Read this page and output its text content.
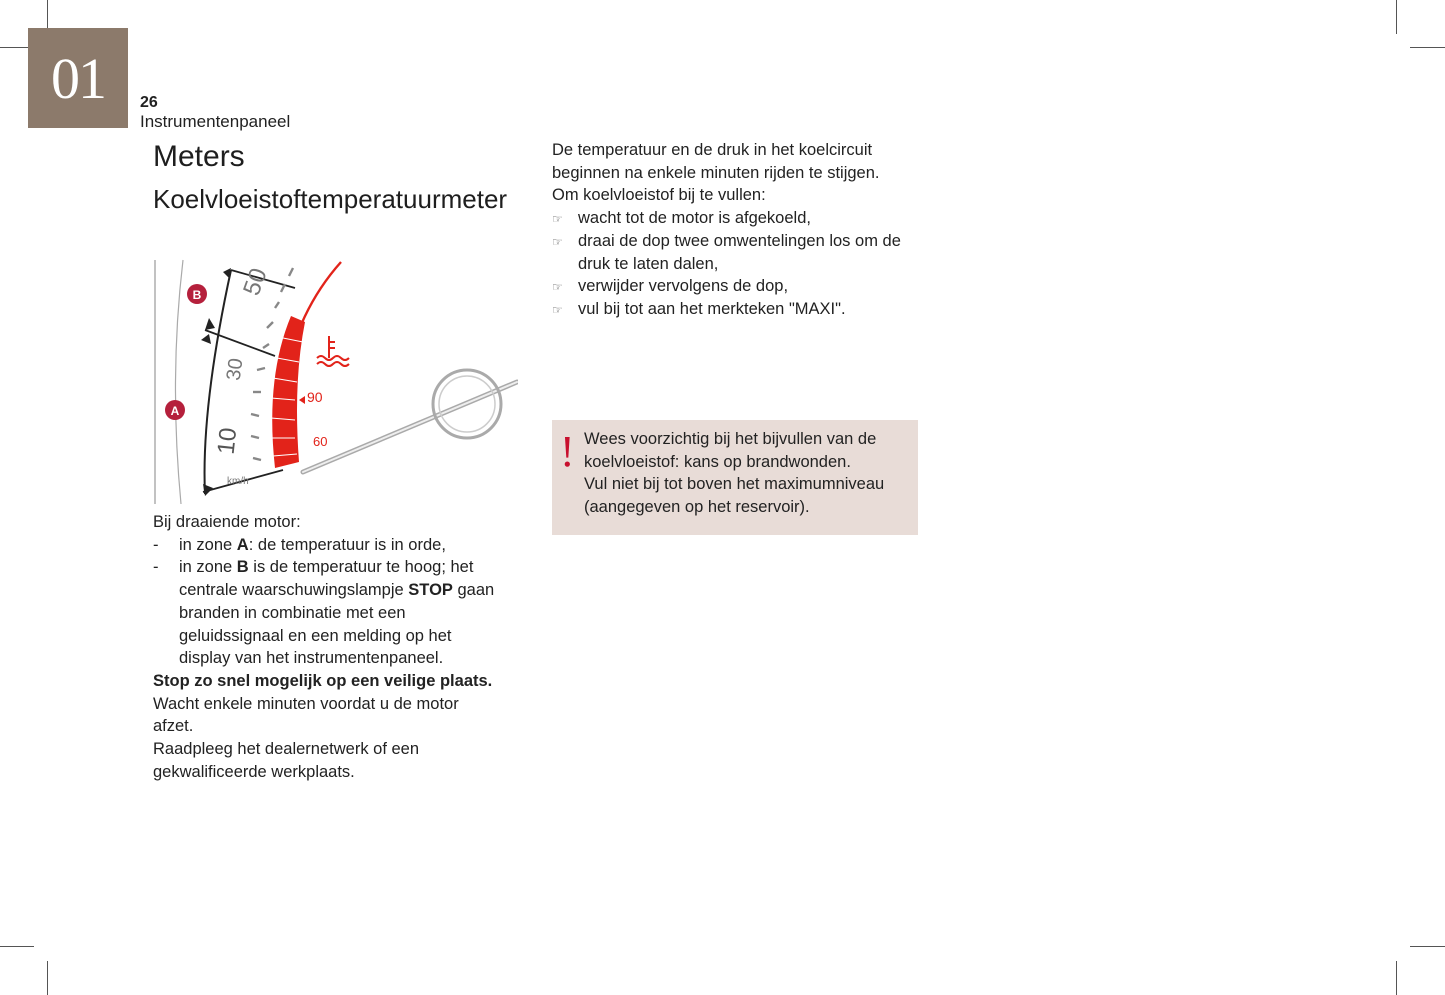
01 26
Instrumentenpaneel
Meters
Koelvloeistoftemperatuurmeter
B
A
50
30
10
km/h
90
60

Bij draaiende motor:

- in zone A: de temperatuur is in orde,
- in zone B is de temperatuur te hoog; het centrale waarschuwingslampje STOP gaan branden in combinatie met een geluidssignaal en een melding op het display van het instrumentenpaneel.

Stop zo snel mogelijk op een veilige plaats.

Wacht enkele minuten voordat u de motor afzet.

Raadpleeg het dealernetwerk of een gekwalificeerde werkplaats.

De temperatuur en de druk in het koelcircuit beginnen na enkele minuten rijden te stijgen.

Om koelvloeistof bij te vullen:

☞ wacht tot de motor is afgekoeld,
☞ draai de dop twee omwentelingen los om de druk te laten dalen,
☞ verwijder vervolgens de dop,
☞ vul bij tot aan het merkteken "MAXI".
! Wees voorzichtig bij het bijvullen van de koelvloeistof: kans op brandwonden.

Vul niet bij tot boven het maximumniveau (aangegeven op het reservoir).
